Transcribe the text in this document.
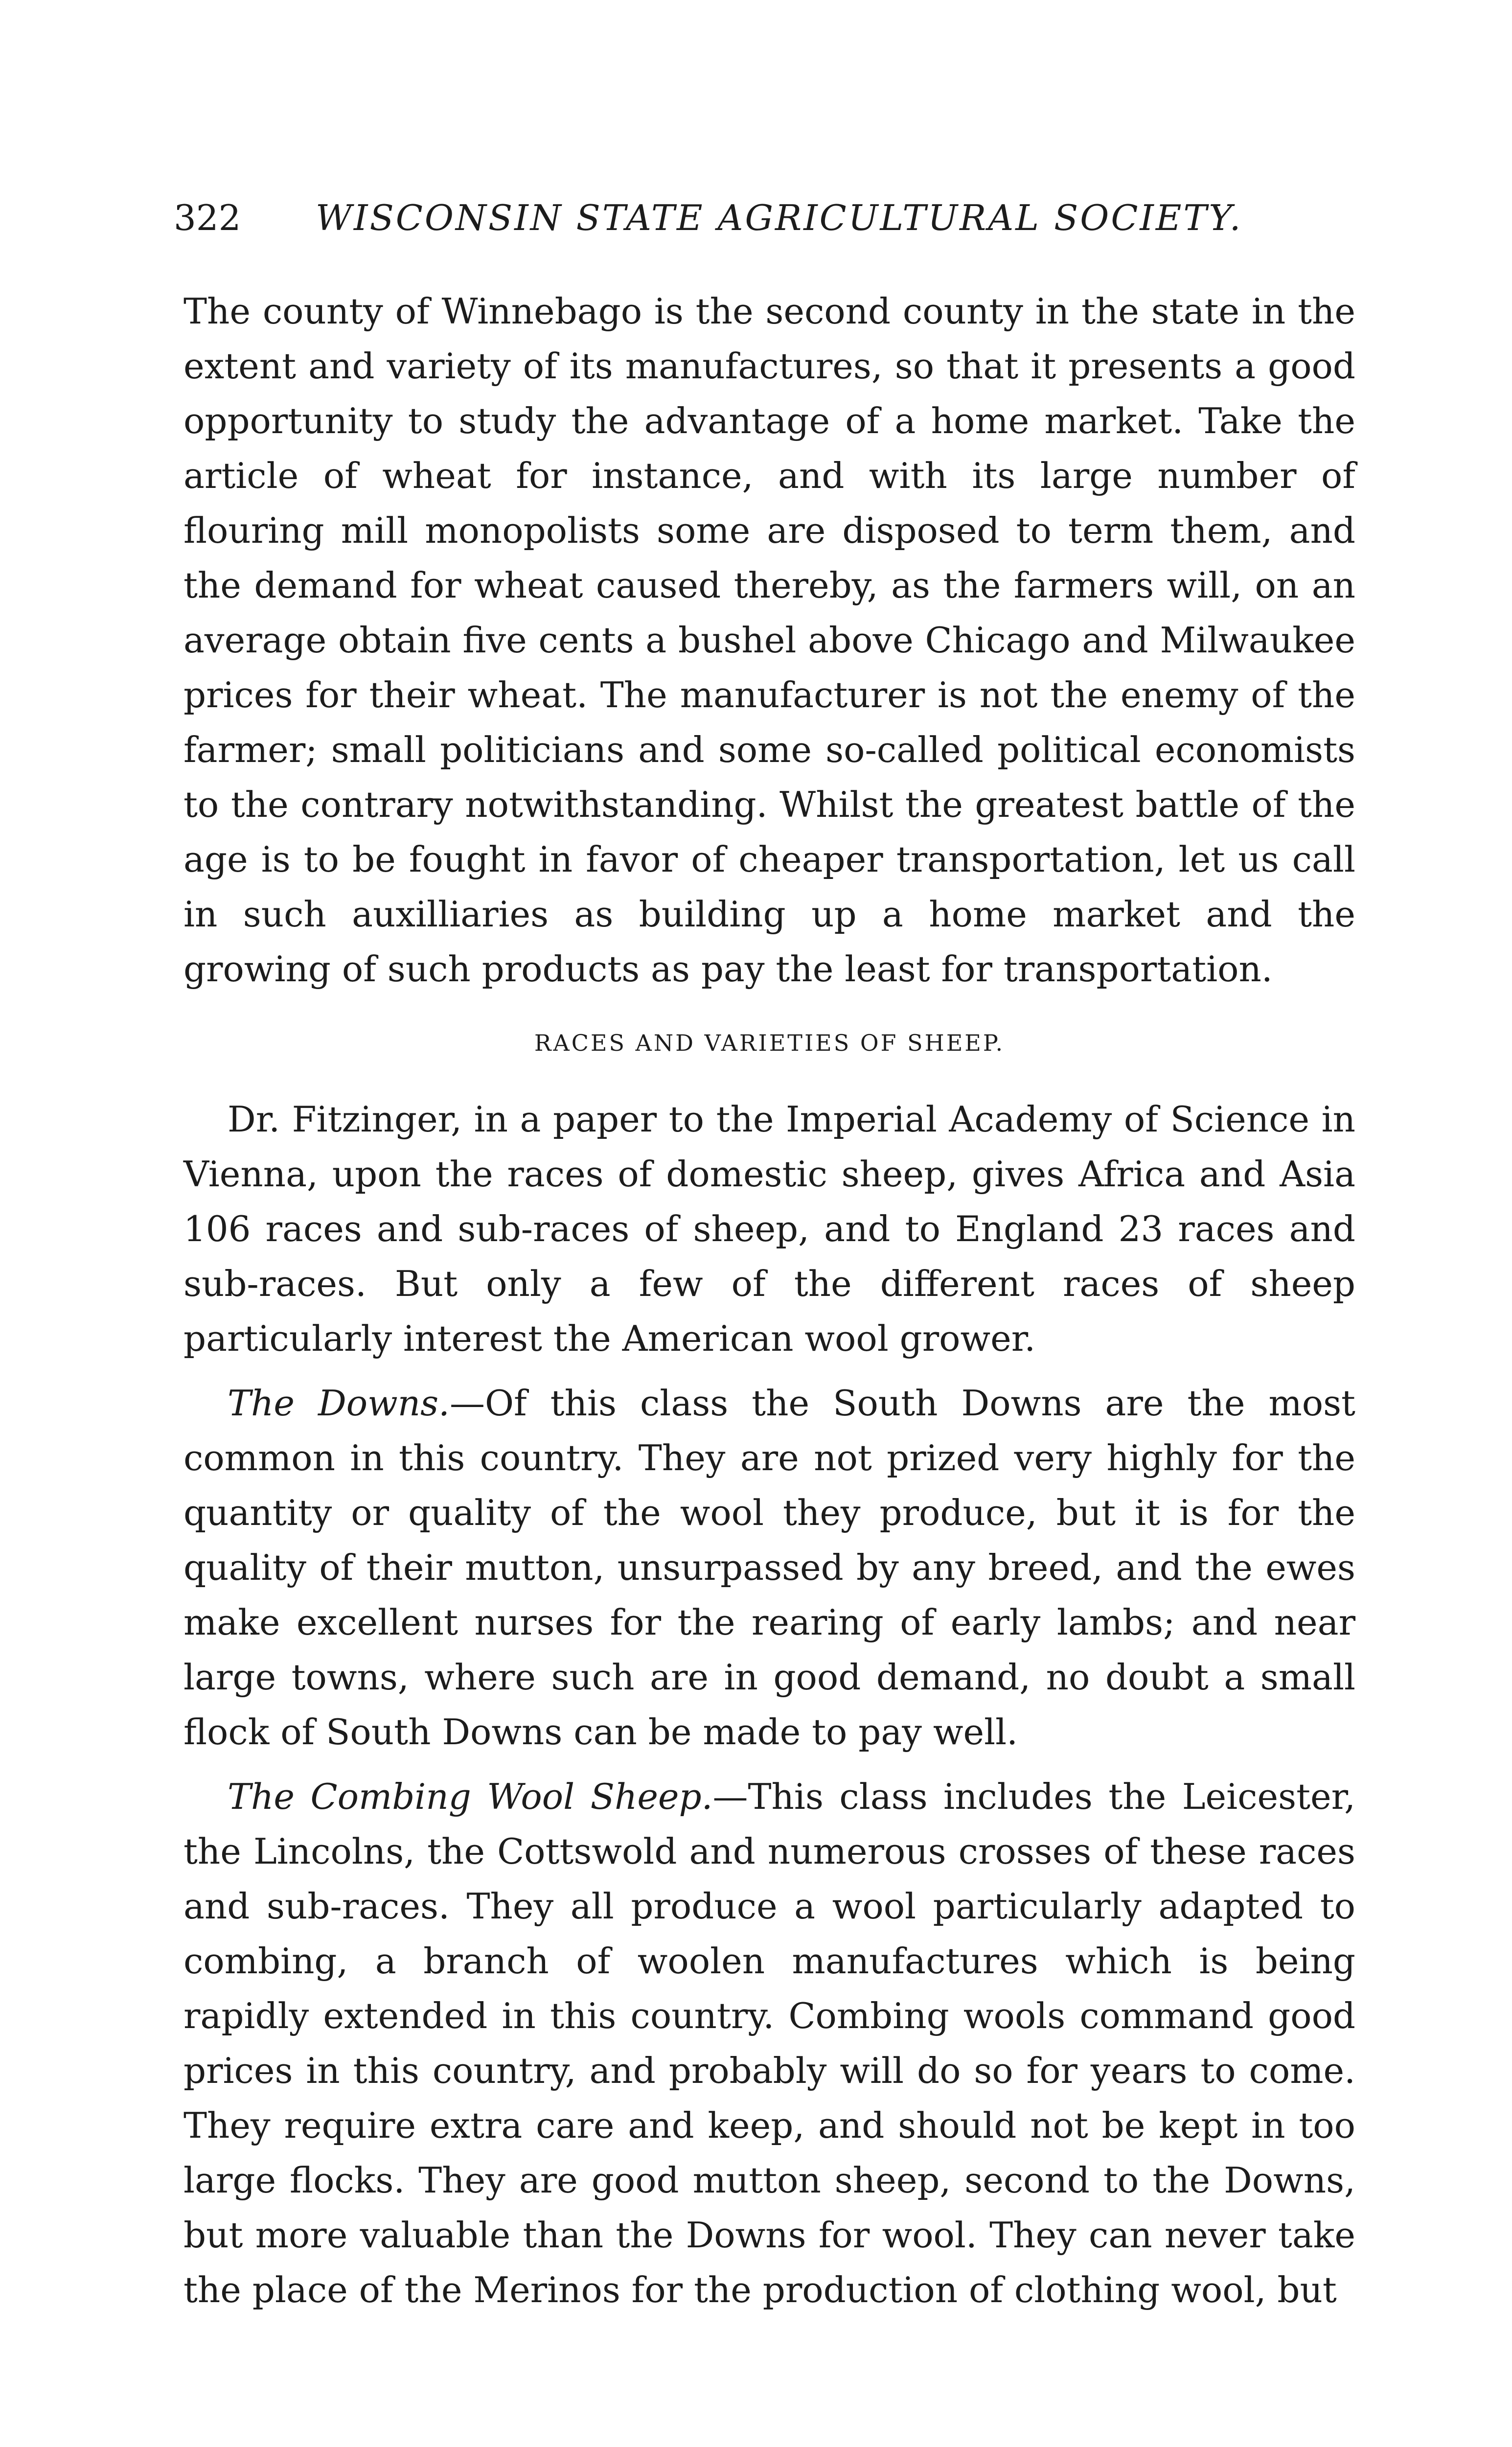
322 WISCONSIN STATE AGRICULTURAL SOCIETY.

The county of Winnebago is the second county in the state in the extent and variety of its manufactures, so that it presents a good opportunity to study the advantage of a home market. Take the article of wheat for instance, and with its large number of flouring mill monopolists some are disposed to term them, and the demand for wheat caused thereby, as the farmers will, on an average obtain five cents a bushel above Chicago and Milwaukee prices for their wheat. The manufacturer is not the enemy of the farmer; small politicians and some so-called political economists to the contrary notwithstanding. Whilst the greatest battle of the age is to be fought in favor of cheaper transportation, let us call in such auxilliaries as building up a home market and the growing of such products as pay the least for transportation.

RACES AND VARIETIES OF SHEEP.

Dr. Fitzinger, in a paper to the Imperial Academy of Science in Vienna, upon the races of domestic sheep, gives Africa and Asia 106 races and sub-races of sheep, and to England 23 races and sub-races. But only a few of the different races of sheep particularly interest the American wool grower.

The Downs.—Of this class the South Downs are the most common in this country. They are not prized very highly for the quantity or quality of the wool they produce, but it is for the quality of their mutton, unsurpassed by any breed, and the ewes make excellent nurses for the rearing of early lambs; and near large towns, where such are in good demand, no doubt a small flock of South Downs can be made to pay well.

The Combing Wool Sheep.—This class includes the Leicester, the Lincolns, the Cottswold and numerous crosses of these races and sub-races. They all produce a wool particularly adapted to combing, a branch of woolen manufactures which is being rapidly extended in this country. Combing wools command good prices in this country, and probably will do so for years to come. They require extra care and keep, and should not be kept in too large flocks. They are good mutton sheep, second to the Downs, but more valuable than the Downs for wool. They can never take the place of the Merinos for the production of clothing wool, but
